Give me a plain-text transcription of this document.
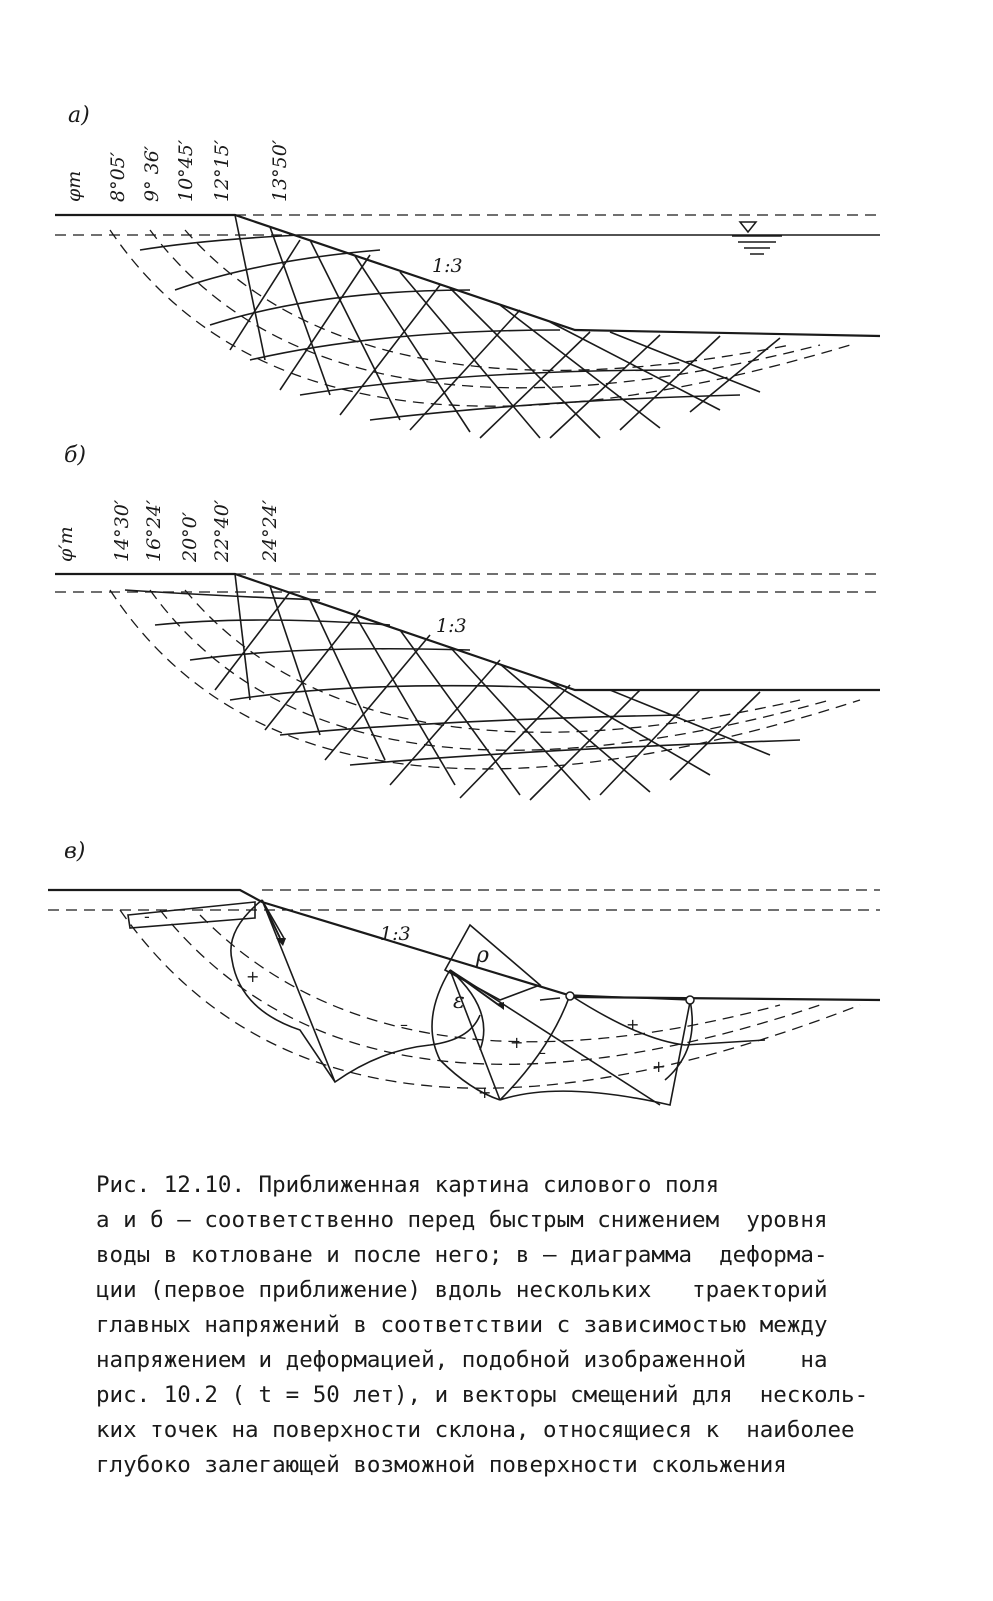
а)
φm 8°05′ 9° 36′ 10°45′ 12°15′ 13°50′
1:3
б)
φ′m 14°30′ 16°24′ 20°0′ 22°40′ 24°24′
1:3
в)
1:3
ρ
ε
-
+
+
–
+
+
+
–
Рис. 12.10. Приближенная картина силового поля
а и б – соответственно перед быстрым снижением  уровня
воды в котловане и после него; в – диаграмма  деформа-
ции (первое приближение) вдоль нескольких   траекторий
главных напряжений в соответствии с зависимостью между
напряжением и деформацией, подобной изображенной    на
рис. 10.2 ( t = 50 лет), и векторы смещений для  несколь-
ких точек на поверхности склона, относящиеся к  наиболее
глубоко залегающей возможной поверхности скольжения
